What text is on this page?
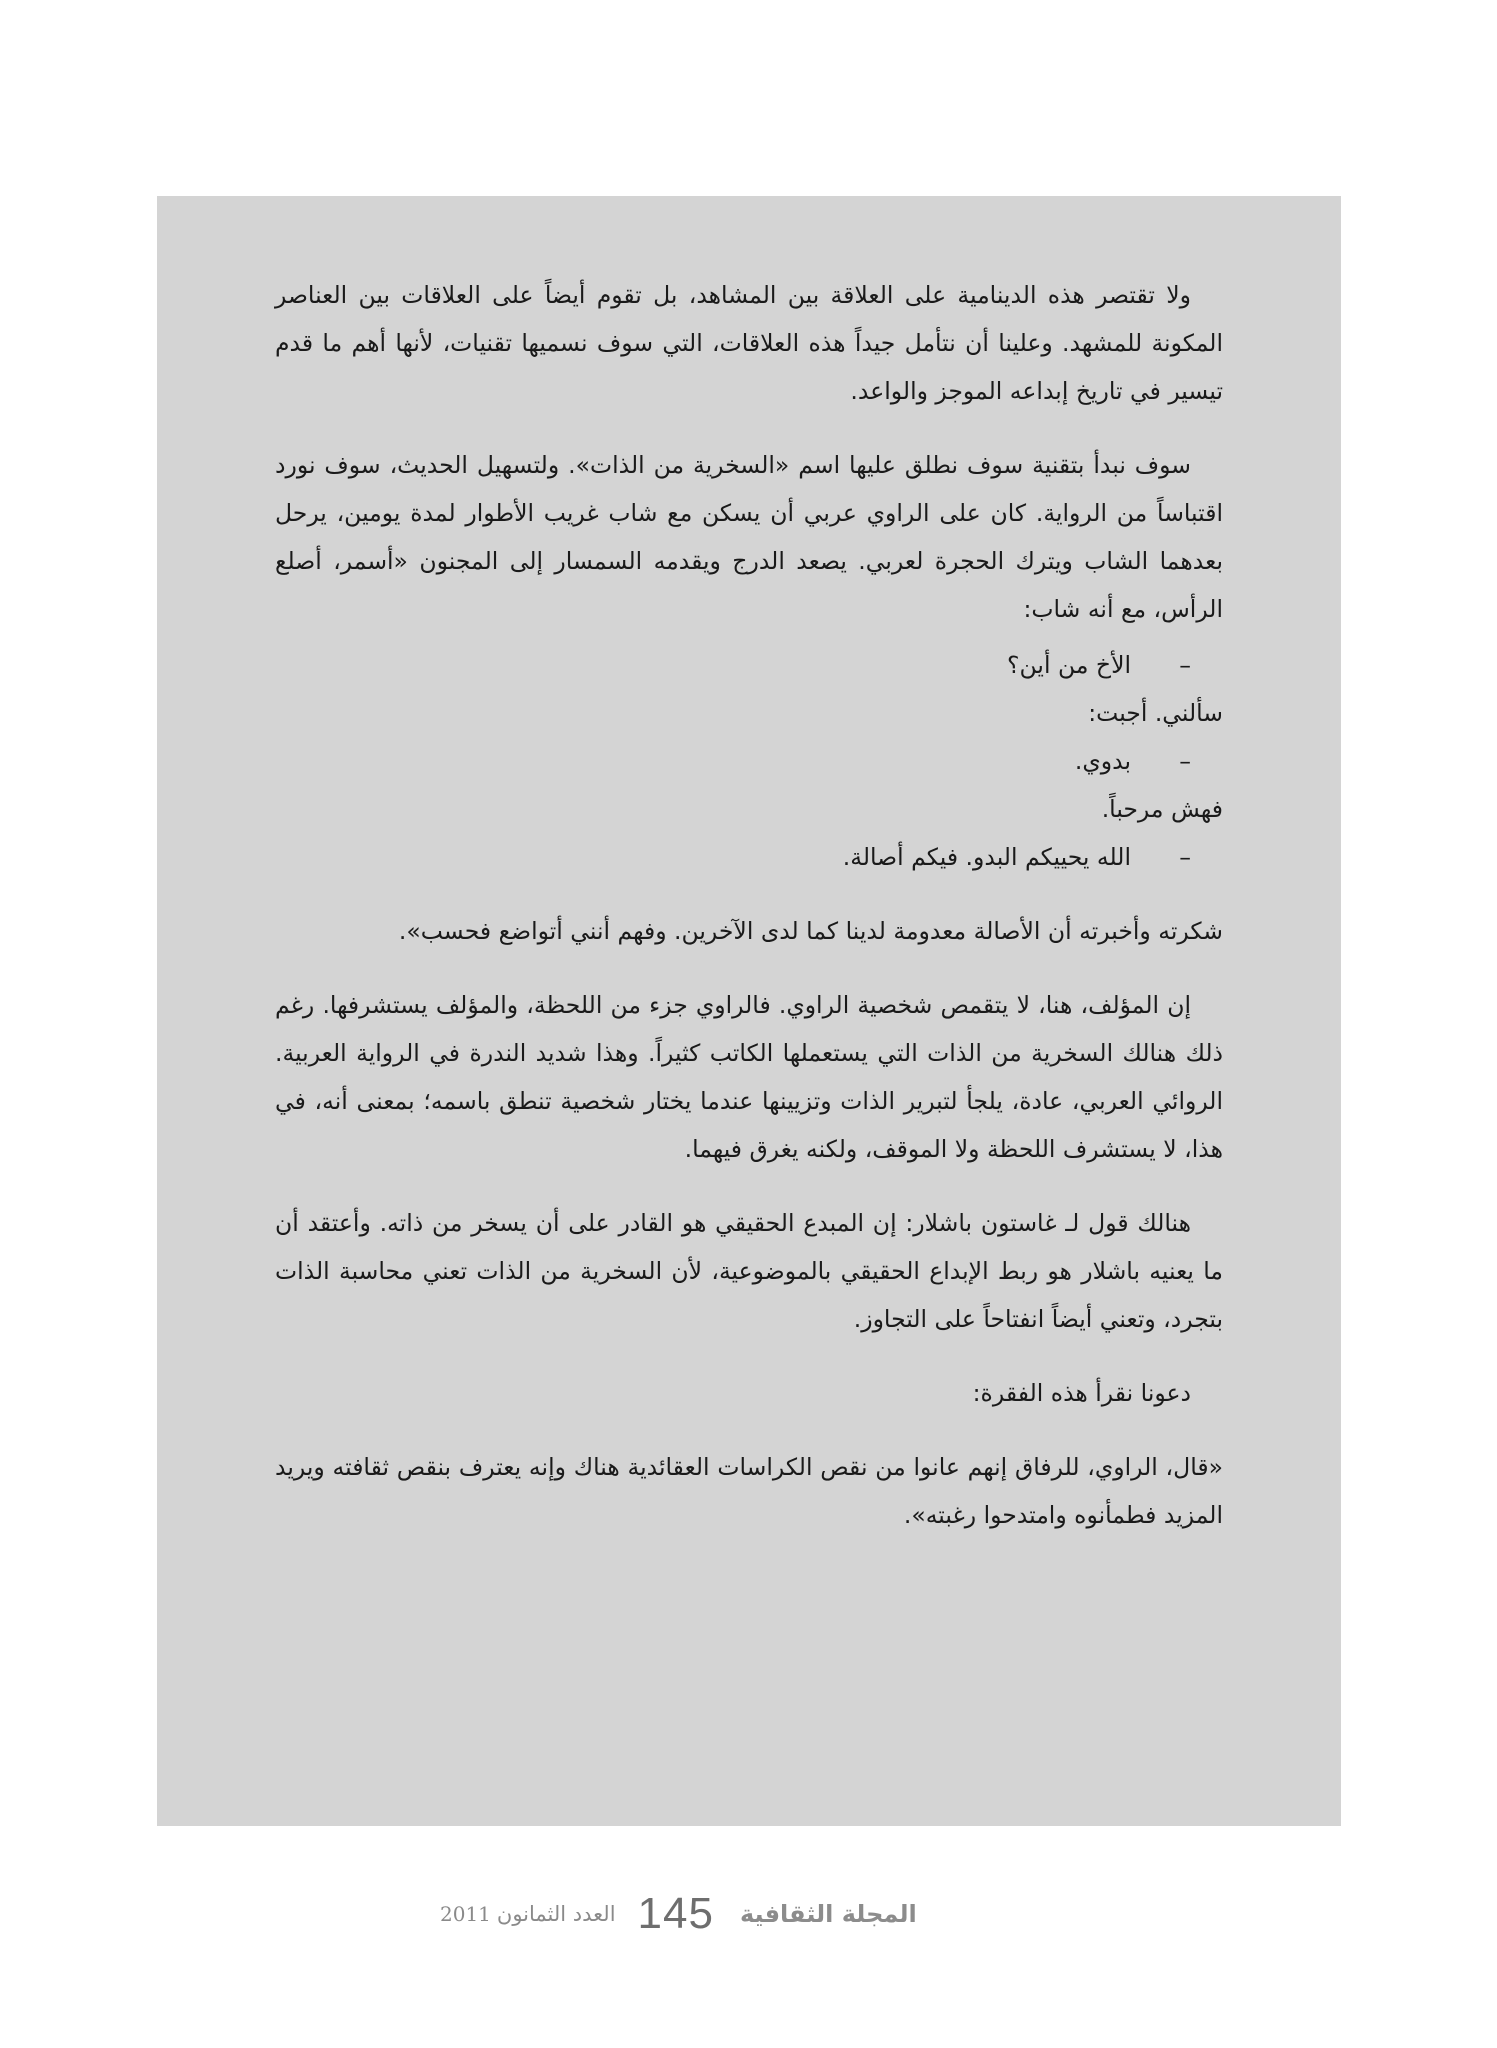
ولا تقتصر هذه الدينامية على العلاقة بين المشاهد، بل تقوم أيضاً على العلاقات بين العناصر المكونة للمشهد. وعلينا أن نتأمل جيداً هذه العلاقات، التي سوف نسميها تقنيات، لأنها أهم ما قدم تيسير في تاريخ إبداعه الموجز والواعد.

سوف نبدأ بتقنية سوف نطلق عليها اسم «السخرية من الذات». ولتسهيل الحديث، سوف نورد اقتباساً من الرواية. كان على الراوي عربي أن يسكن مع شاب غريب الأطوار لمدة يومين، يرحل بعدهما الشاب ويترك الحجرة لعربي. يصعد الدرج ويقدمه السمسار إلى المجنون «أسمر، أصلع الرأس، مع أنه شاب:

–الأخ من أين؟
سألني. أجبت:
–بدوي.
فهش مرحباً.
–الله يحييكم البدو. فيكم أصالة.

شكرته وأخبرته أن الأصالة معدومة لدينا كما لدى الآخرين. وفهم أنني أتواضع فحسب».

إن المؤلف، هنا، لا يتقمص شخصية الراوي. فالراوي جزء من اللحظة، والمؤلف يستشرفها. رغم ذلك هنالك السخرية من الذات التي يستعملها الكاتب كثيراً. وهذا شديد الندرة في الرواية العربية. الروائي العربي، عادة، يلجأ لتبرير الذات وتزيينها عندما يختار شخصية تنطق باسمه؛ بمعنى أنه، في هذا، لا يستشرف اللحظة ولا الموقف، ولكنه يغرق فيهما.

هنالك قول لـ غاستون باشلار: إن المبدع الحقيقي هو القادر على أن يسخر من ذاته. وأعتقد أن ما يعنيه باشلار هو ربط الإبداع الحقيقي بالموضوعية، لأن السخرية من الذات تعني محاسبة الذات بتجرد، وتعني أيضاً انفتاحاً على التجاوز.

دعونا نقرأ هذه الفقرة:

«قال، الراوي، للرفاق إنهم عانوا من نقص الكراسات العقائدية هناك وإنه يعترف بنقص ثقافته ويريد المزيد فطمأنوه وامتدحوا رغبته».

2011 العدد الثمانون 145 المجلة الثقافية
